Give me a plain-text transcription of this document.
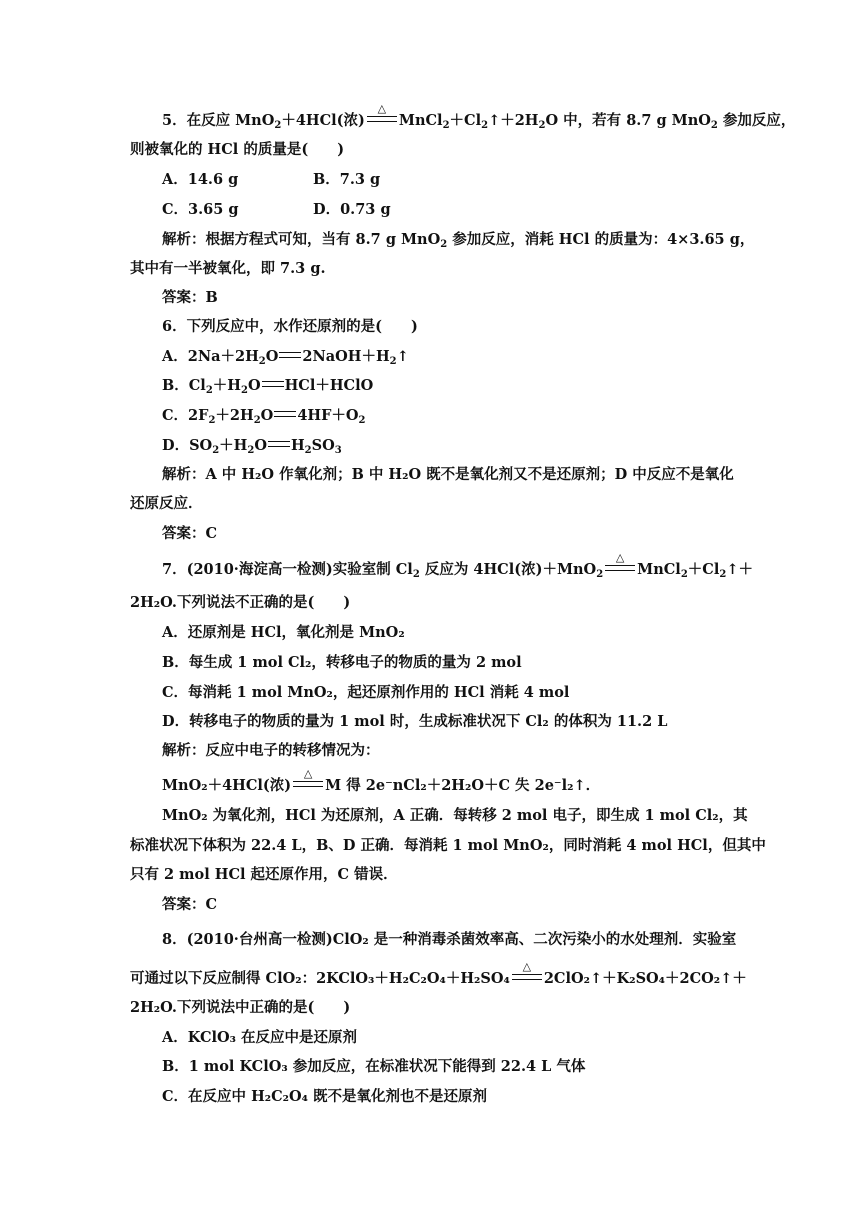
5．在反应 MnO$_2$＋4HCl(浓)
△
$MnCl_2+Cl_2↑+2H_2O$ 中，若有 8.7 g MnO$_2$ 参加反应，
则被氧化的 HCl 的质量是(　　)
A．14.6 g	B．7.3 g
C．3.65 g	D．0.73 g
解析：根据方程式可知，当有 8.7 g MnO$_2$ 参加反应，消耗 HCl 的质量为：4×3.65 g，
其中有一半被氧化，即 7.3 g.
答案：B
6．下列反应中，水作还原剂的是(　　)
A．$2Na+2H_2O$ $2NaOH+H_2↑$
B．$Cl_2+H_2O$ HCl＋HClO
C．$2F_2+2H_2O$ $4HF+O_2$
D．$SO_2+H_2O$ $H_2SO_3$
解析：A 中 H₂O 作氧化剂；B 中 H₂O 既不是氧化剂又不是还原剂；D 中反应不是氧化
还原反应．
答案：C
7．(2010·海淀高一检测)实验室制 $Cl_2$ 反应为 4HCl(浓)＋MnO$_2$
△
$MnCl_2+Cl_2↑+$
2H₂O.下列说法不正确的是(　　)
A．还原剂是 HCl，氧化剂是 MnO₂
B．每生成 1 mol Cl₂，转移电子的物质的量为 2 mol
C．每消耗 1 mol MnO₂，起还原剂作用的 HCl 消耗 4 mol
D．转移电子的物质的量为 1 mol 时，生成标准状况下 Cl₂ 的体积为 11.2 L
解析：反应中电子的转移情况为：
MnO₂＋4HCl(浓)
△
M 得 2e⁻nCl₂＋2H₂O＋C 失 2e⁻l₂↑．
MnO₂ 为氧化剂，HCl 为还原剂，A 正确．每转移 2 mol 电子，即生成 1 mol Cl₂，其
标准状况下体积为 22.4 L，B、D 正确．每消耗 1 mol MnO₂，同时消耗 4 mol HCl，但其中
只有 2 mol HCl 起还原作用，C 错误．
答案：C
8．(2010·台州高一检测)ClO₂ 是一种消毒杀菌效率高、二次污染小的水处理剂．实验室
可通过以下反应制得 ClO₂：2KClO₃＋H₂C₂O₄＋H₂SO₄
△
2ClO₂↑＋K₂SO₄＋2CO₂↑＋
2H₂O.下列说法中正确的是(　　)
A．KClO₃ 在反应中是还原剂
B．1 mol KClO₃ 参加反应，在标准状况下能得到 22.4 L 气体
C．在反应中 H₂C₂O₄ 既不是氧化剂也不是还原剂
